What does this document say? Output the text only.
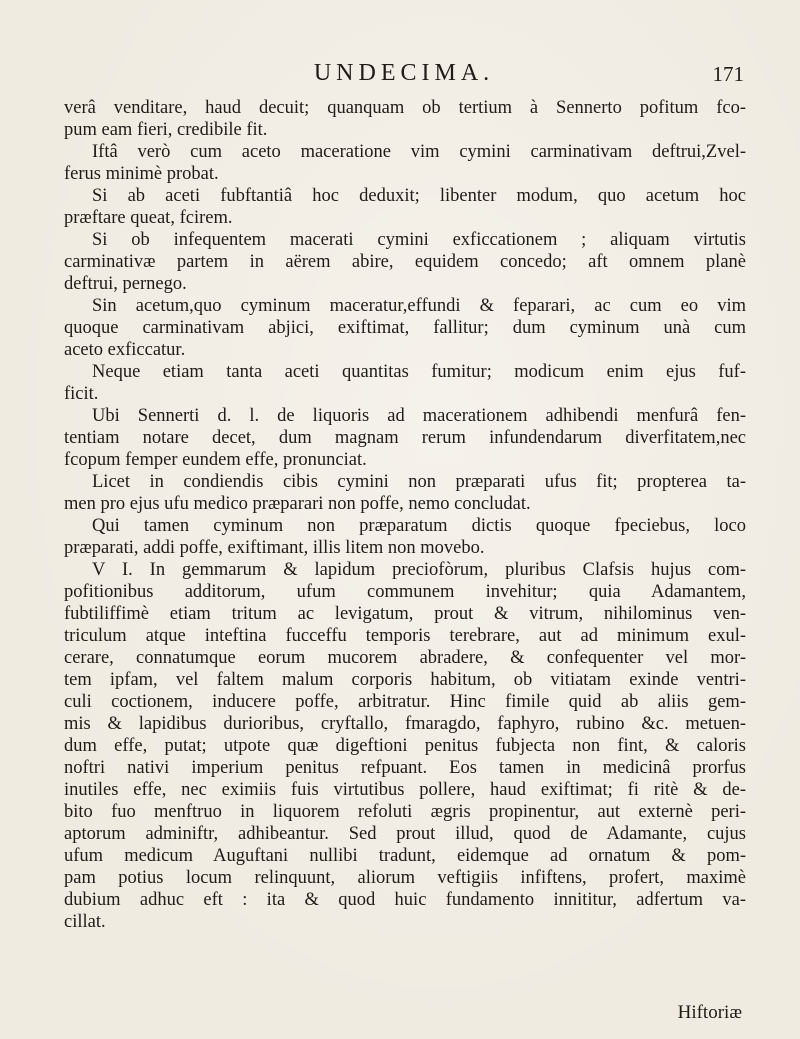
UNDECIMA.	171
verâ venditare, haud decuit; quanquam ob tertium à Sennerto pofitum fco-
pum eam fieri, credibile fit.
Iftâ verò cum aceto maceratione vim cymini carminativam deftrui,Zvel-
ferus minimè probat.
Si ab aceti fubftantiâ hoc deduxit; libenter modum, quo acetum hoc
præftare queat, fcirem.
Si ob infequentem macerati cymini exficcationem ; aliquam virtutis
carminativæ partem in aërem abire, equidem concedo; aft omnem planè
deftrui, pernego.
Sin acetum,quo cyminum maceratur,effundi & feparari, ac cum eo vim
quoque carminativam abjici, exiftimat, fallitur; dum cyminum unà cum
aceto exficcatur.
Neque etiam tanta aceti quantitas fumitur; modicum enim ejus fuf-
ficit.
Ubi Sennerti d. l. de liquoris ad macerationem adhibendi menfurâ fen-
tentiam notare decet, dum magnam rerum infundendarum diverfitatem,nec
fcopum femper eundem effe, pronunciat.
Licet in condiendis cibis cymini non præparati ufus fit; propterea ta-
men pro ejus ufu medico præparari non poffe, nemo concludat.
Qui tamen cyminum non præparatum dictis quoque fpeciebus, loco
præparati, addi poffe, exiftimant, illis litem non movebo.
V I. In gemmarum & lapidum preciofòrum, pluribus Clafsis hujus com-
pofitionibus additorum, ufum communem invehitur; quia Adamantem,
fubtiliffimè etiam tritum ac levigatum, prout & vitrum, nihilominus ven-
triculum atque inteftina fucceffu temporis terebrare, aut ad minimum exul-
cerare, connatumque eorum mucorem abradere, & confequenter vel mor-
tem ipfam, vel faltem malum corporis habitum, ob vitiatam exinde ventri-
culi coctionem, inducere poffe, arbitratur. Hinc fimile quid ab aliis gem-
mis & lapidibus durioribus, cryftallo, fmaragdo, faphyro, rubino &c. metuen-
dum effe, putat; utpote quæ digeftioni penitus fubjecta non fint, & caloris
noftri nativi imperium penitus refpuant. Eos tamen in medicinâ prorfus
inutiles effe, nec eximiis fuis virtutibus pollere, haud exiftimat; fi ritè & de-
bito fuo menftruo in liquorem refoluti ægris propinentur, aut externè peri-
aptorum adminiftr, adhibeantur. Sed prout illud, quod de Adamante, cujus
ufum medicum Auguftani nullibi tradunt, eidemque ad ornatum & pom-
pam potius locum relinquunt, aliorum veftigiis infiftens, profert, maximè
dubium adhuc eft : ita & quod huic fundamento innititur, adfertum va-
cillat.
Hiftoriæ
